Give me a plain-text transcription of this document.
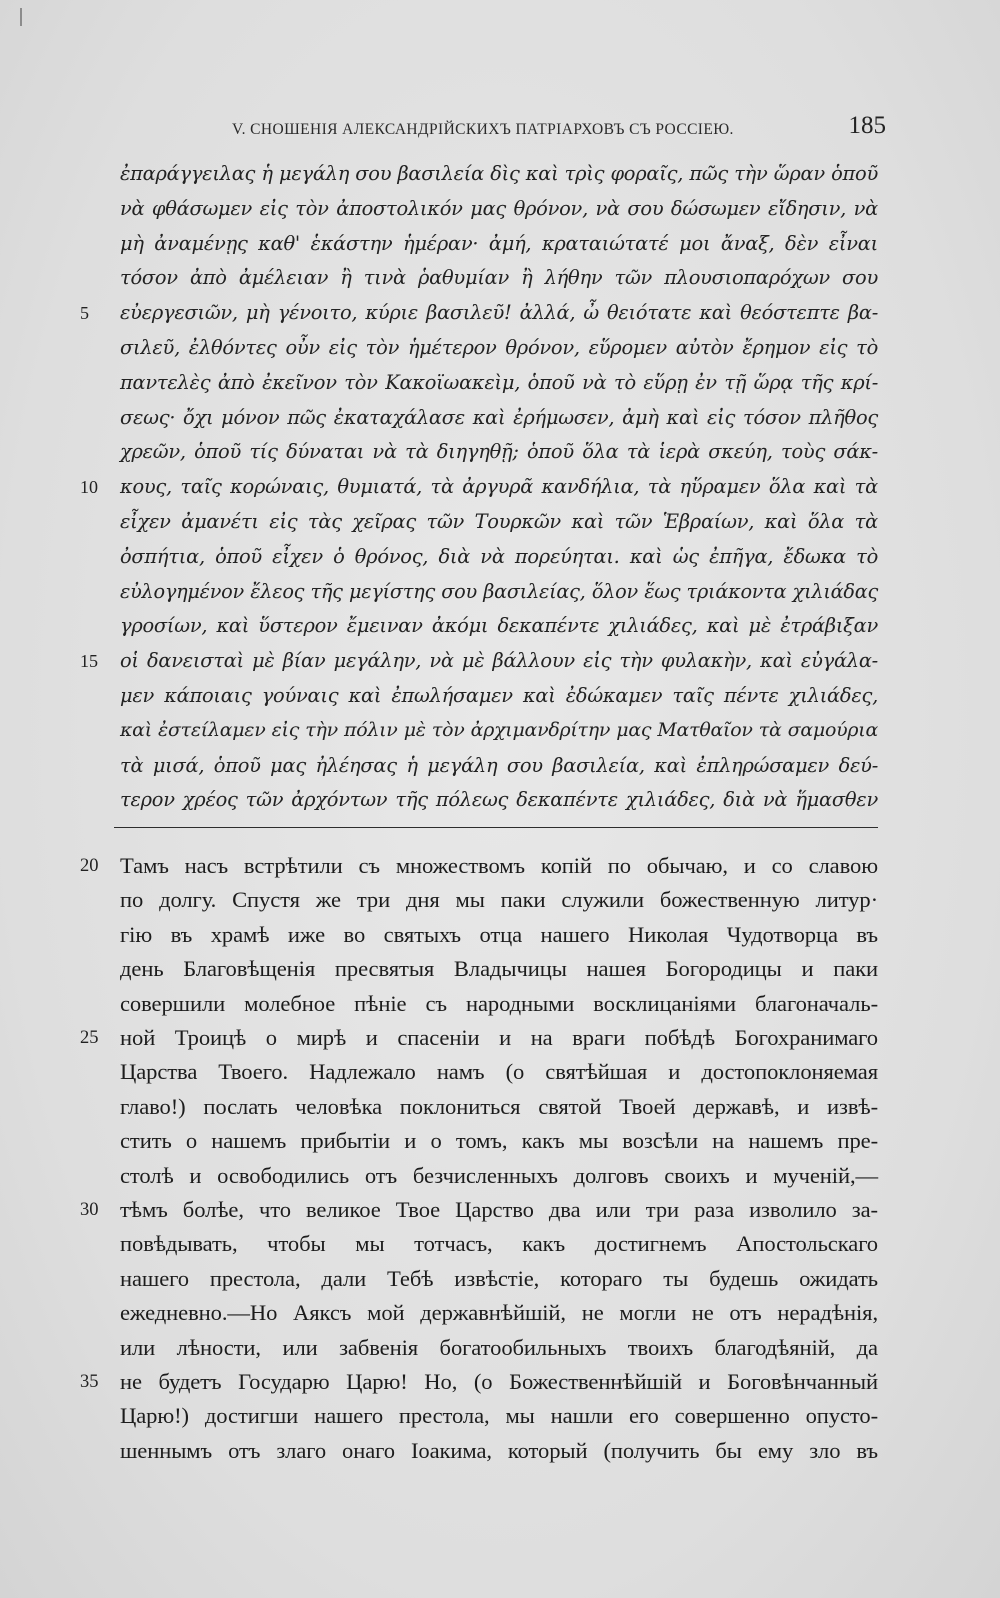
V. СНОШЕНІЯ АЛЕКСАНДРІЙСКИХЪ ПАТРІАРХОВЪ СЪ РОССІЕЮ.	185
ἐπαράγγειλας ἡ μεγάλη σου βασιλεία δὶς καὶ τρὶς φοραῖς, πῶς τὴν ὥραν ὁποῦ
νὰ φθάσωμεν εἰς τὸν ἀποστολικόν μας θρόνον, νὰ σου δώσωμεν εἴδησιν, νὰ
μὴ ἀναμένῃς καθ' ἑκάστην ἡμέραν· ἀμή, κραταιώτατέ μοι ἄναξ, δὲν εἶναι
τόσον ἀπὸ ἀμέλειαν ἢ τινὰ ῥαθυμίαν ἢ λήθην τῶν πλουσιοπαρόχων σου
5	εὐεργεσιῶν, μὴ γένοιτο, κύριε βασιλεῦ! ἀλλά, ὦ θειότατε καὶ θεόστεπτε βα-
σιλεῦ, ἐλθόντες οὖν εἰς τὸν ἡμέτερον θρόνον, εὕρομεν αὐτὸν ἔρημον εἰς τὸ
παντελὲς ἀπὸ ἐκεῖνον τὸν Κακοϊωακεὶμ, ὁποῦ νὰ τὸ εὕρῃ ἐν τῇ ὥρᾳ τῆς κρί-
σεως· ὄχι μόνον πῶς ἐκαταχάλασε καὶ ἐρήμωσεν, ἀμὴ καὶ εἰς τόσον πλῆθος
χρεῶν, ὁποῦ τίς δύναται νὰ τὰ διηγηθῇ; ὁποῦ ὅλα τὰ ἱερὰ σκεύη, τοὺς σάκ-
10	κους, ταῖς κορώναις, θυμιατά, τὰ ἀργυρᾶ κανδήλια, τὰ ηὕραμεν ὅλα καὶ τὰ
εἶχεν ἀμανέτι εἰς τὰς χεῖρας τῶν Τουρκῶν καὶ τῶν Ἑβραίων, καὶ ὅλα τὰ
ὀσπήτια, ὁποῦ εἶχεν ὁ θρόνος, διὰ νὰ πορεύηται. καὶ ὡς ἐπῆγα, ἔδωκα τὸ
εὐλογημένον ἔλεος τῆς μεγίστης σου βασιλείας, ὅλον ἕως τριάκοντα χιλιάδας
γροσίων, καὶ ὕστερον ἔμειναν ἀκόμι δεκαπέντε χιλιάδες, καὶ μὲ ἐτράβιξαν
15	οἱ δανεισταὶ μὲ βίαν μεγάλην, νὰ μὲ βάλλουν εἰς τὴν φυλακὴν, καὶ εὐγάλα-
μεν κάποιαις γούναις καὶ ἐπωλήσαμεν καὶ ἐδώκαμεν ταῖς πέντε χιλιάδες,
καὶ ἐστείλαμεν εἰς τὴν πόλιν μὲ τὸν ἀρχιμανδρίτην μας Ματθαῖον τὰ σαμούρια
τὰ μισά, ὁποῦ μας ἠλέησας ἡ μεγάλη σου βασιλεία, καὶ ἐπληρώσαμεν δεύ-
τερον χρέος τῶν ἀρχόντων τῆς πόλεως δεκαπέντε χιλιάδες, διὰ νὰ ἥμασθεν
20 Тамъ насъ встрѣтили съ множествомъ копій по обычаю, и со славою
по долгу. Спустя же три дня мы паки служили божественную литур·
гію въ храмѣ иже во святыхъ отца нашего Николая Чудотворца въ
день Благовѣщенія пресвятыя Владычицы нашея Богородицы и паки
совершили молебное пѣніе съ народными восклицаніями благоначаль-
25 ной Троицѣ о мирѣ и спасеніи и на враги побѣдѣ Богохранимаго
Царства Твоего. Надлежало намъ (о святѣйшая и достопоклоняемая
главо!) послать человѣка поклониться святой Твоей державѣ, и извѣ-
стить о нашемъ прибытіи и о томъ, какъ мы возсѣли на нашемъ пре-
столѣ и освободились отъ безчисленныхъ долговъ своихъ и мученій,—
30 тѣмъ болѣе, что великое Твое Царство два или три раза изволило за-
повѣдывать, чтобы мы тотчасъ, какъ достигнемъ Апостольскаго
нашего престола, дали Тебѣ извѣстіе, котораго ты будешь ожидать
ежедневно.—Но Аяксъ мой державнѣйшій, не могли не отъ нерадѣнія,
или лѣности, или забвенія богатообильныхъ твоихъ благодѣяній, да
35 не будетъ Государю Царю! Но, (о Божественнѣйшій и Боговѣнчанный
Царю!) достигши нашего престола, мы нашли его совершенно опусто-
шеннымъ отъ злаго онаго Іоакима, который (получить бы ему зло въ
